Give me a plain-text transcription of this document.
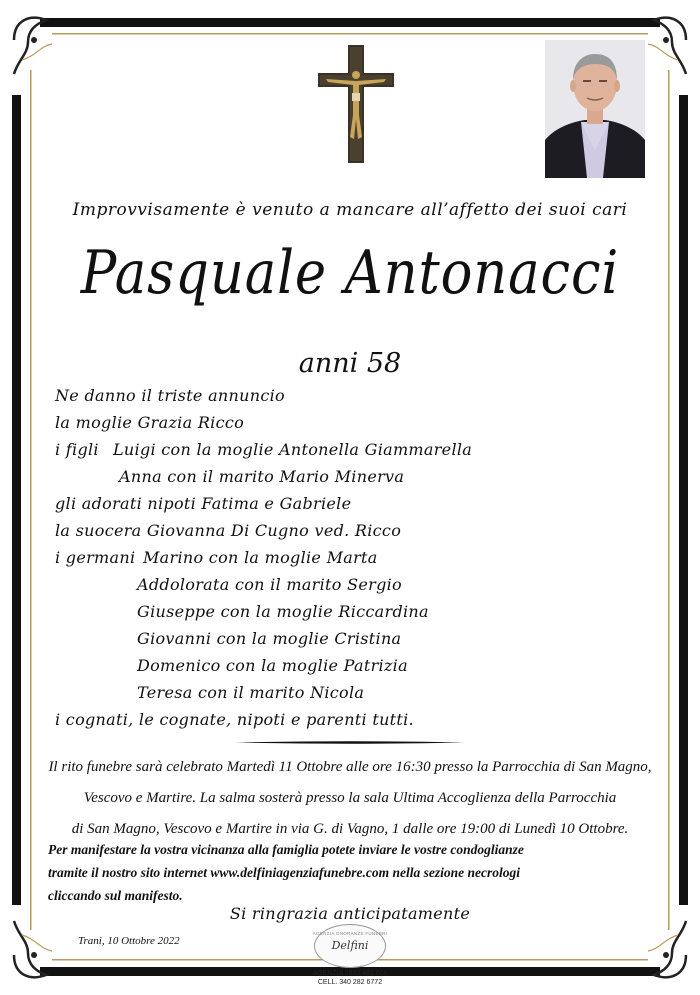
Improvvisamente è venuto a mancare all’affetto dei suoi cari
Pasquale Antonacci
anni 58
Ne danno il triste annuncio
la moglie Grazia Ricco
i figli Luigi con la moglie Antonella Giammarella
Anna con il marito Mario Minerva
gli adorati nipoti Fatima e Gabriele
la suocera Giovanna Di Cugno ved. Ricco
i germani Marino con la moglie Marta
Addolorata con il marito Sergio
Giuseppe con la moglie Riccardina
Giovanni con la moglie Cristina
Domenico con la moglie Patrizia
Teresa con il marito Nicola
i cognati, le cognate, nipoti e parenti tutti.
Il rito funebre sarà celebrato Martedì 11 Ottobre alle ore 16:30 presso la Parrocchia di San Magno,
Vescovo e Martire. La salma sosterà presso la sala Ultima Accoglienza della Parrocchia
di San Magno, Vescovo e Martire in via G. di Vagno, 1 dalle ore 19:00 di Lunedì 10 Ottobre.
Per manifestare la vostra vicinanza alla famiglia potete inviare le vostre condoglianze
tramite il nostro sito internet www.delfiniagenziafunebre.com nella sezione necrologi
cliccando sul manifesto.
Si ringrazia anticipatamente
Trani, 10 Ottobre 2022
AGENZIA ONORANZE FUNEBRI
Delfini
AGENZIA 0883 481 608
CELL. 340 282 6772
